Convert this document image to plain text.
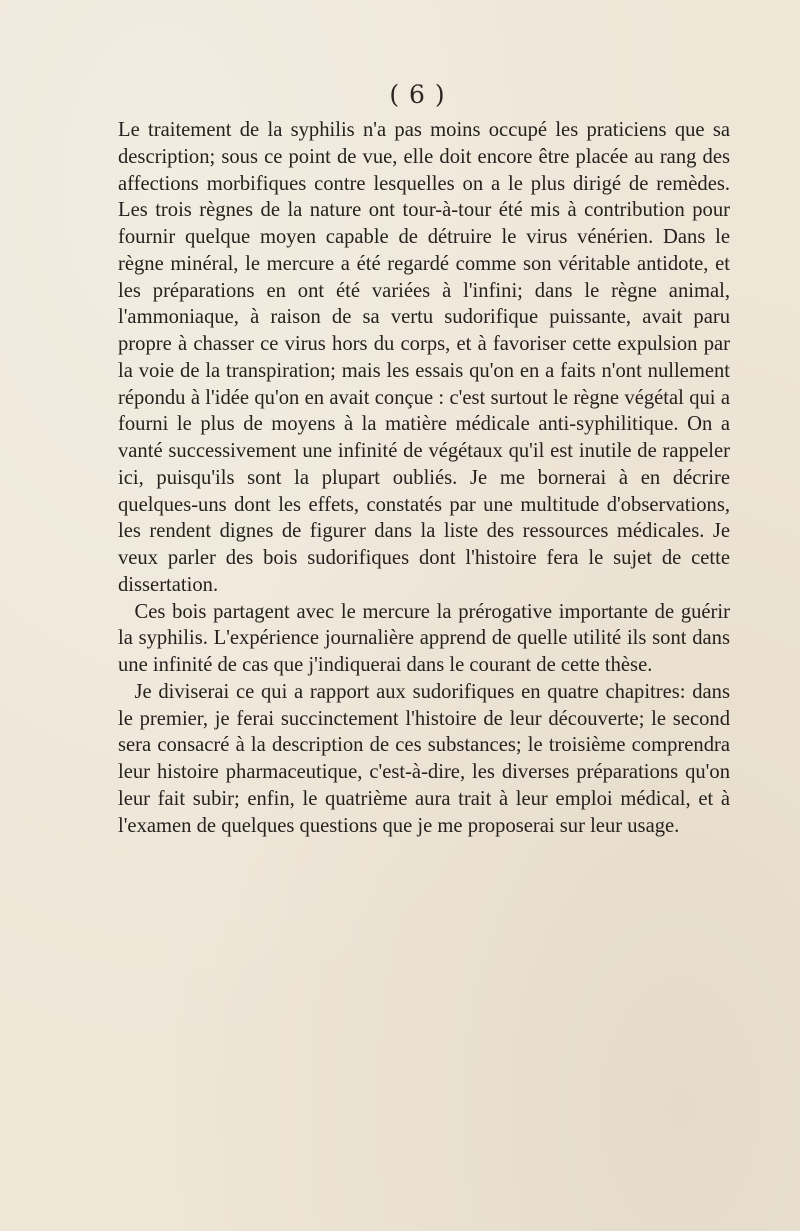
( 6 )

Le traitement de la syphilis n'a pas moins occupé les praticiens que sa description; sous ce point de vue, elle doit encore être placée au rang des affections morbifiques contre lesquelles on a le plus dirigé de remèdes. Les trois règnes de la nature ont tour-à-tour été mis à contribution pour fournir quelque moyen capable de détruire le virus vénérien. Dans le règne minéral, le mercure a été regardé comme son véritable antidote, et les préparations en ont été variées à l'infini; dans le règne animal, l'ammoniaque, à raison de sa vertu sudorifique puissante, avait paru propre à chasser ce virus hors du corps, et à favoriser cette expulsion par la voie de la transpiration; mais les essais qu'on en a faits n'ont nullement répondu à l'idée qu'on en avait conçue : c'est surtout le règne végétal qui a fourni le plus de moyens à la matière médicale anti-syphilitique. On a vanté successivement une infinité de végétaux qu'il est inutile de rappeler ici, puisqu'ils sont la plupart oubliés. Je me bornerai à en décrire quelques-uns dont les effets, constatés par une multitude d'observations, les rendent dignes de figurer dans la liste des ressources médicales. Je veux parler des bois sudorifiques dont l'histoire fera le sujet de cette dissertation.

Ces bois partagent avec le mercure la prérogative importante de guérir la syphilis. L'expérience journalière apprend de quelle utilité ils sont dans une infinité de cas que j'indiquerai dans le courant de cette thèse.

Je diviserai ce qui a rapport aux sudorifiques en quatre chapitres: dans le premier, je ferai succinctement l'histoire de leur découverte; le second sera consacré à la description de ces substances; le troisième comprendra leur histoire pharmaceutique, c'est-à-dire, les diverses préparations qu'on leur fait subir; enfin, le quatrième aura trait à leur emploi médical, et à l'examen de quelques questions que je me proposerai sur leur usage.
